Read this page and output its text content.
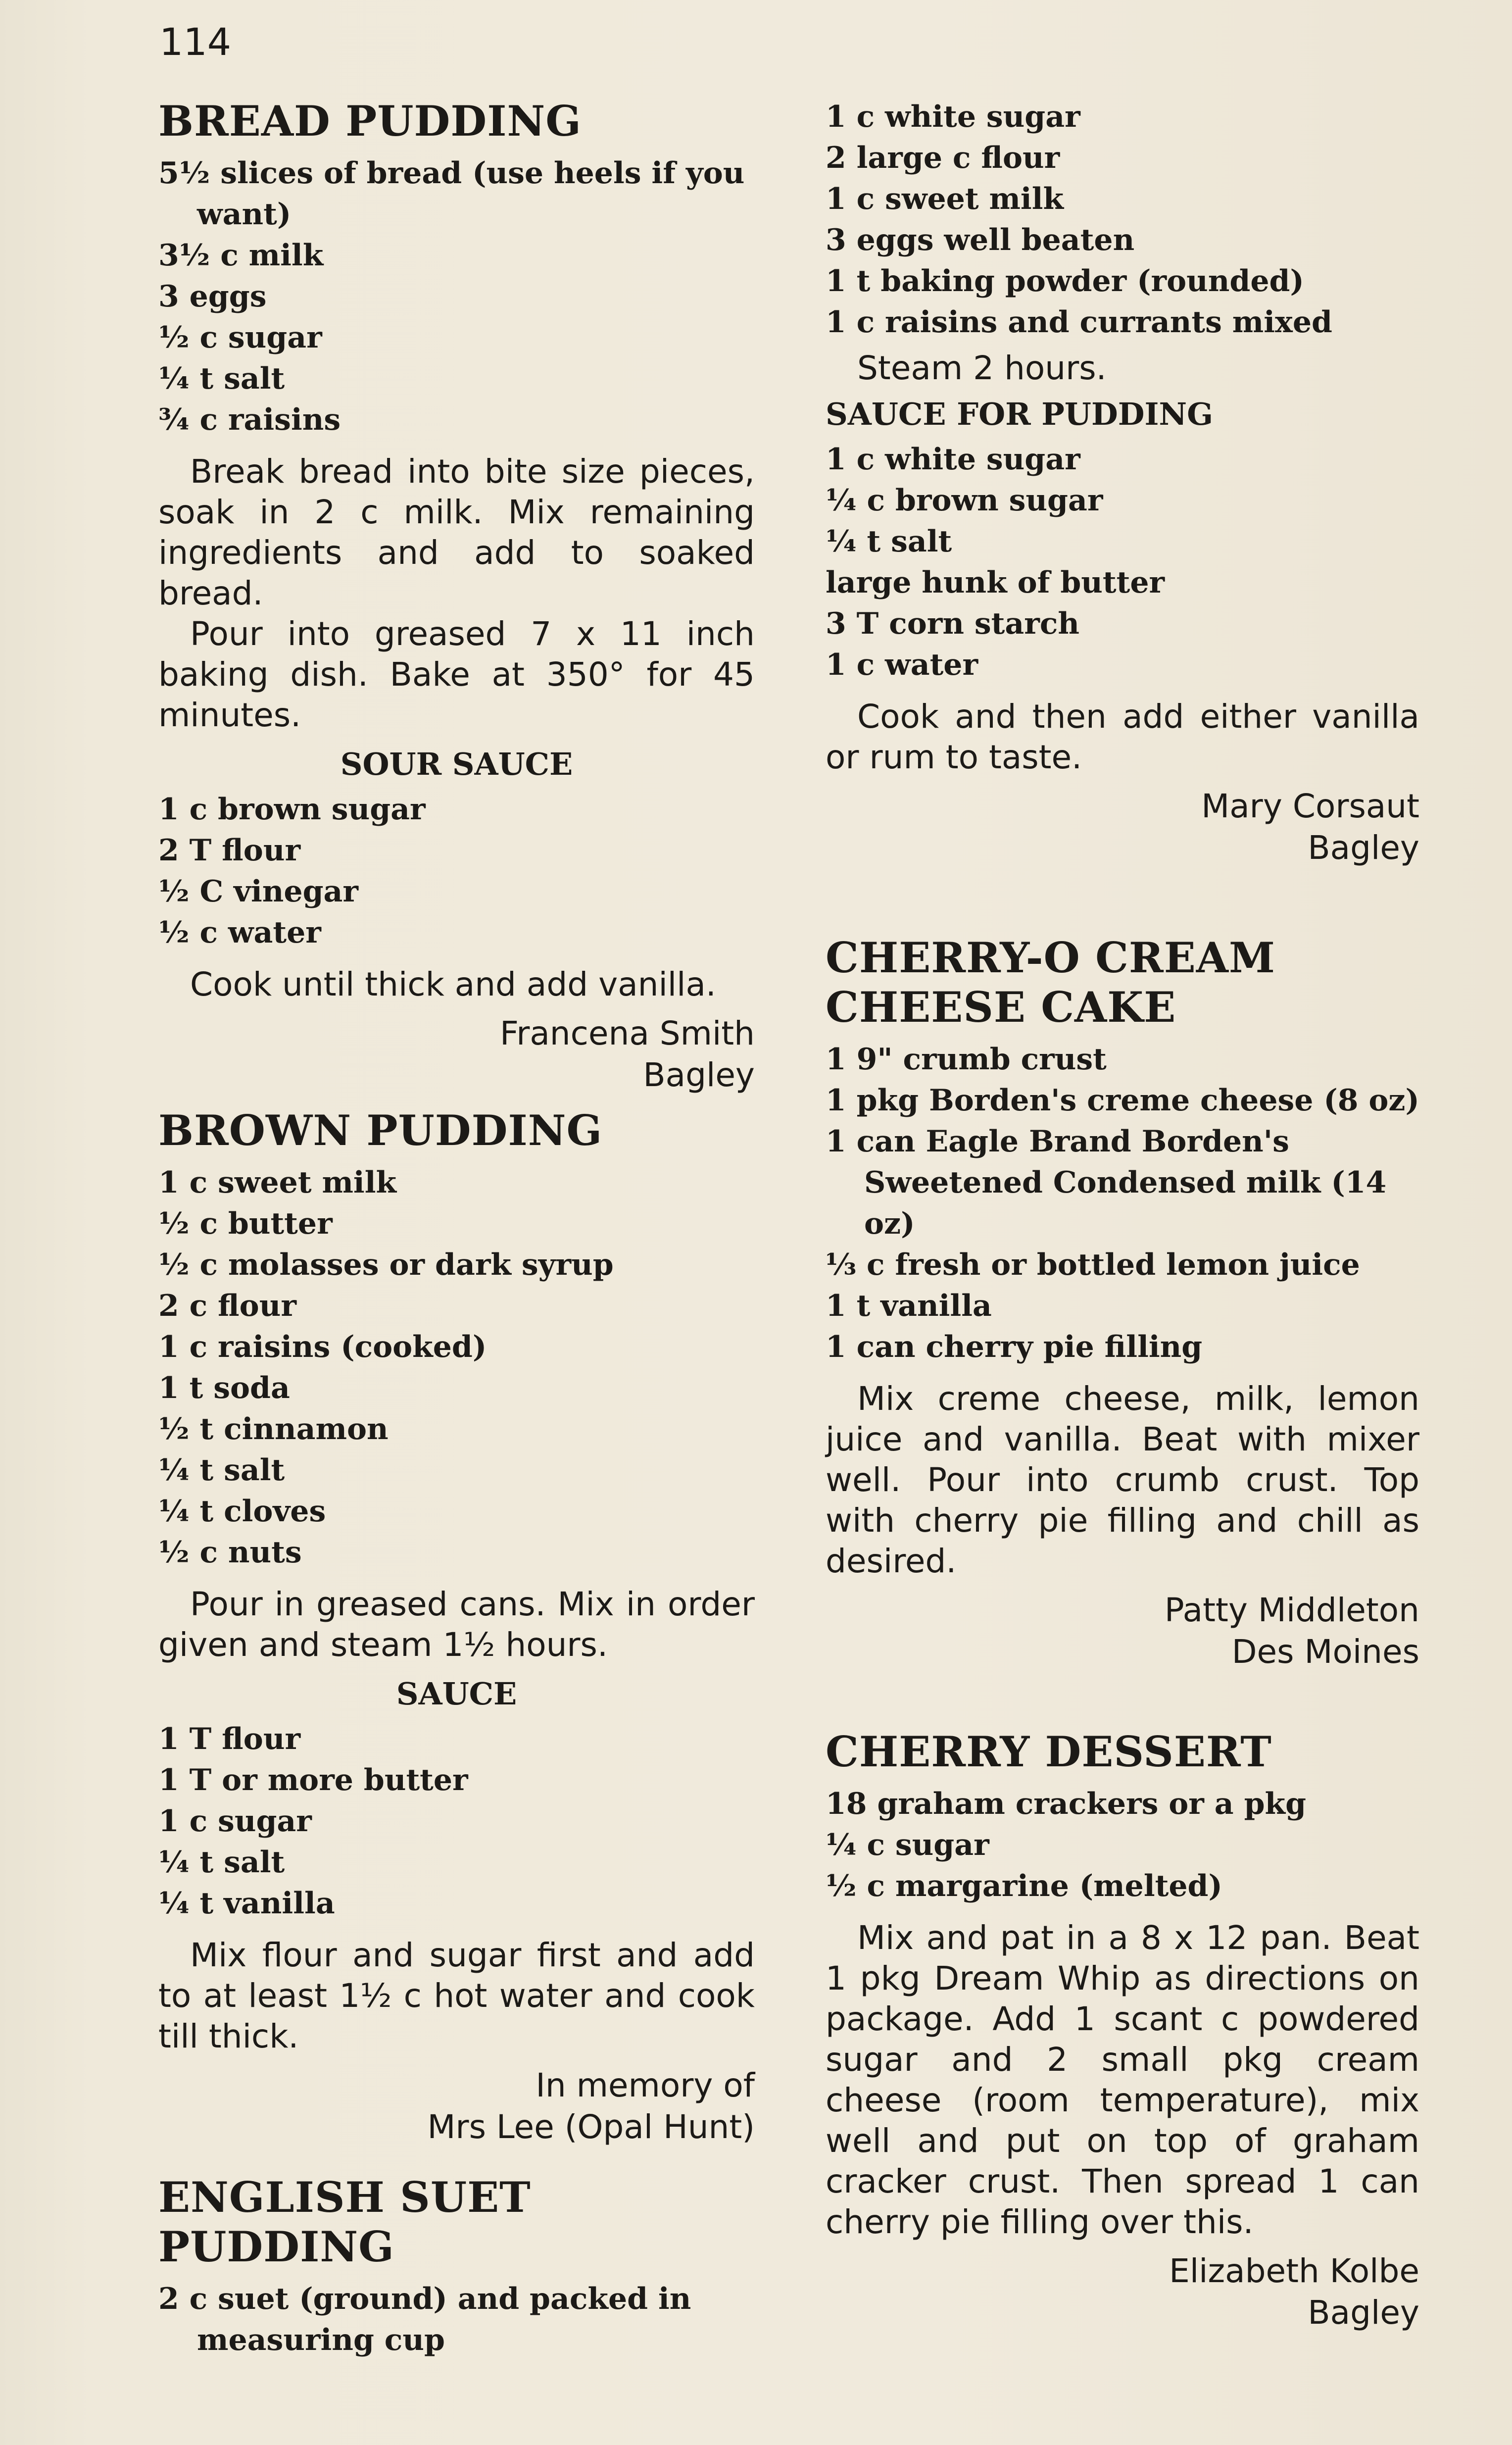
114
BREAD PUDDING
5½ slices of bread (use heels if you want)
3½ c milk
3 eggs
½ c sugar
¼ t salt
¾ c raisins

Break bread into bite size pieces, soak in 2 c milk. Mix remaining ingredients and add to soaked bread.

Pour into greased 7 x 11 inch baking dish. Bake at 350° for 45 minutes.

SOUR SAUCE
1 c brown sugar
2 T flour
½ C vinegar
½ c water

Cook until thick and add vanilla.

Francena Smith
Bagley
BROWN PUDDING
1 c sweet milk
½ c butter
½ c molasses or dark syrup
2 c flour
1 c raisins (cooked)
1 t soda
½ t cinnamon
¼ t salt
¼ t cloves
½ c nuts

Pour in greased cans. Mix in order given and steam 1½ hours.

SAUCE
1 T flour
1 T or more butter
1 c sugar
¼ t salt
¼ t vanilla

Mix flour and sugar first and add to at least 1½ c hot water and cook till thick.

In memory of
Mrs Lee (Opal Hunt)
ENGLISH SUET PUDDING
2 c suet (ground) and packed in measuring cup
1 c white sugar
2 large c flour
1 c sweet milk
3 eggs well beaten
1 t baking powder (rounded)
1 c raisins and currants mixed

Steam 2 hours.

SAUCE FOR PUDDING
1 c white sugar
¼ c brown sugar
¼ t salt
large hunk of butter
3 T corn starch
1 c water

Cook and then add either vanilla or rum to taste.

Mary Corsaut
Bagley
CHERRY-O CREAM
CHEESE CAKE
1 9" crumb crust
1 pkg Borden's creme cheese (8 oz)
1 can Eagle Brand Borden's Sweetened Condensed milk (14 oz)
⅓ c fresh or bottled lemon juice
1 t vanilla
1 can cherry pie filling

Mix creme cheese, milk, lemon juice and vanilla. Beat with mixer well. Pour into crumb crust. Top with cherry pie filling and chill as desired.

Patty Middleton
Des Moines
CHERRY DESSERT
18 graham crackers or a pkg
¼ c sugar
½ c margarine (melted)

Mix and pat in a 8 x 12 pan. Beat 1 pkg Dream Whip as directions on package. Add 1 scant c powdered sugar and 2 small pkg cream cheese (room temperature), mix well and put on top of graham cracker crust. Then spread 1 can cherry pie filling over this.

Elizabeth Kolbe
Bagley
